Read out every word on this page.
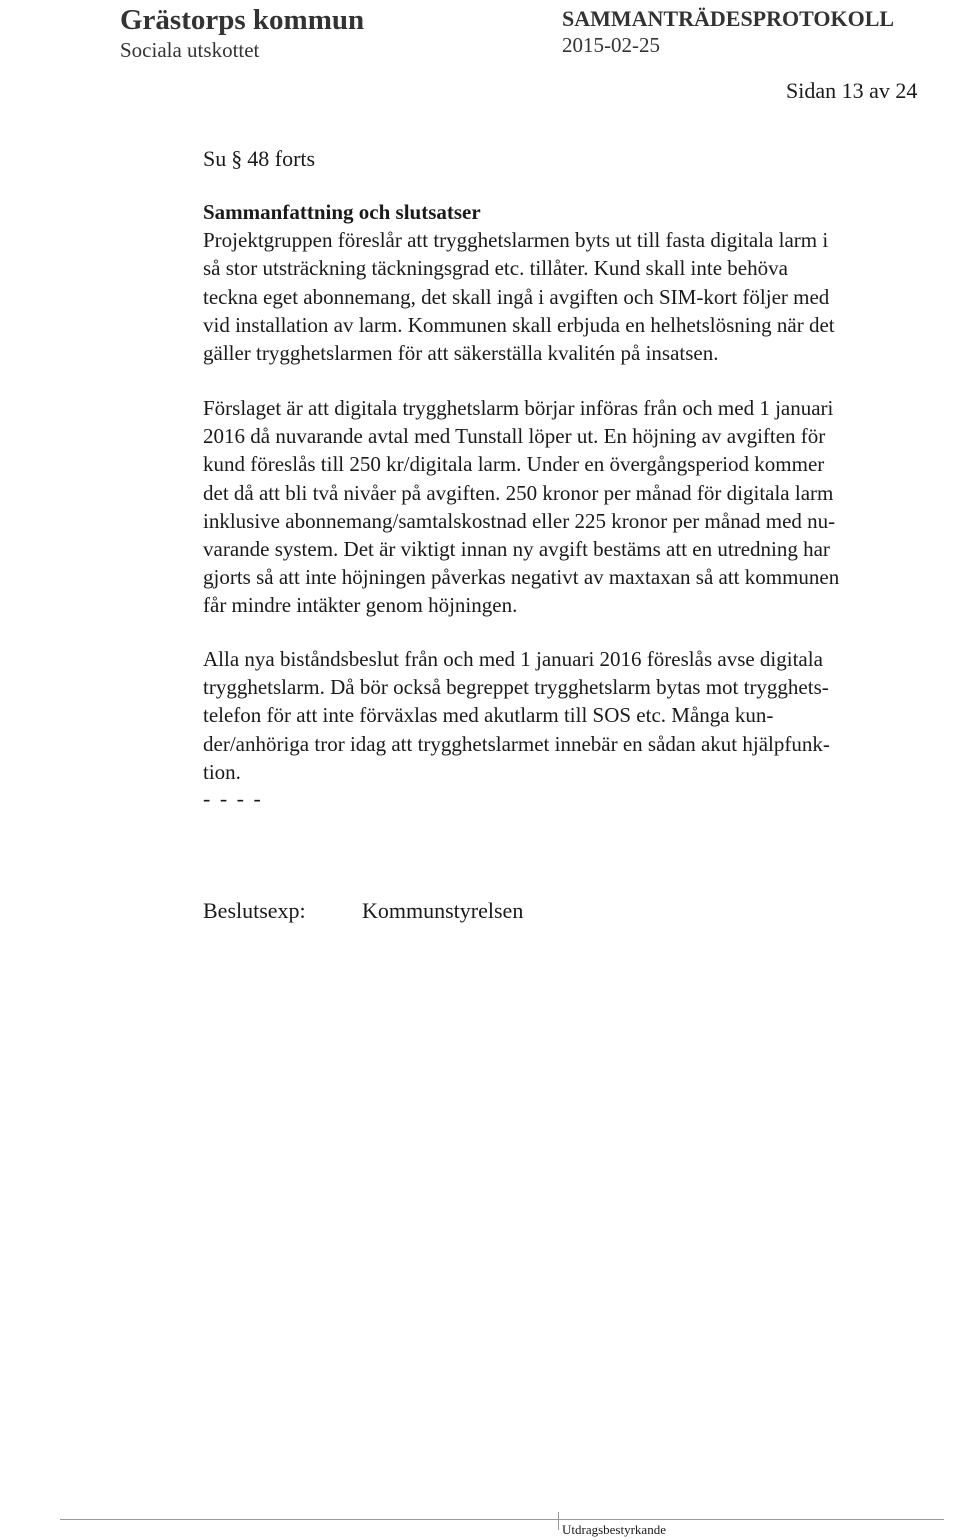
Grästorps kommun
Sociala utskottet
SAMMANTRÄDESPROTOKOLL
2015-02-25
Sidan 13 av 24
Su § 48 forts
Sammanfattning och slutsatser
Projektgruppen föreslår att trygghetslarmen byts ut till fasta digitala larm i
så stor utsträckning täckningsgrad etc. tillåter. Kund skall inte behöva
teckna eget abonnemang, det skall ingå i avgiften och SIM-kort följer med
vid installation av larm. Kommunen skall erbjuda en helhetslösning när det
gäller trygghetslarmen för att säkerställa kvalitén på insatsen.
Förslaget är att digitala trygghetslarm börjar införas från och med 1 januari
2016 då nuvarande avtal med Tunstall löper ut. En höjning av avgiften för
kund föreslås till 250 kr/digitala larm. Under en övergångsperiod kommer
det då att bli två nivåer på avgiften. 250 kronor per månad för digitala larm
inklusive abonnemang/samtalskostnad eller 225 kronor per månad med nu-
varande system. Det är viktigt innan ny avgift bestäms att en utredning har
gjorts så att inte höjningen påverkas negativt av maxtaxan så att kommunen
får mindre intäkter genom höjningen.
Alla nya biståndsbeslut från och med 1 januari 2016 föreslås avse digitala
trygghetslarm. Då bör också begreppet trygghetslarm bytas mot trygghets-
telefon för att inte förväxlas med akutlarm till SOS etc. Många kun-
der/anhöriga tror idag att trygghetslarmet innebär en sådan akut hjälpfunk-
tion.
- - - -
Beslutsexp:	Kommunstyrelsen
Utdragsbestyrkande
